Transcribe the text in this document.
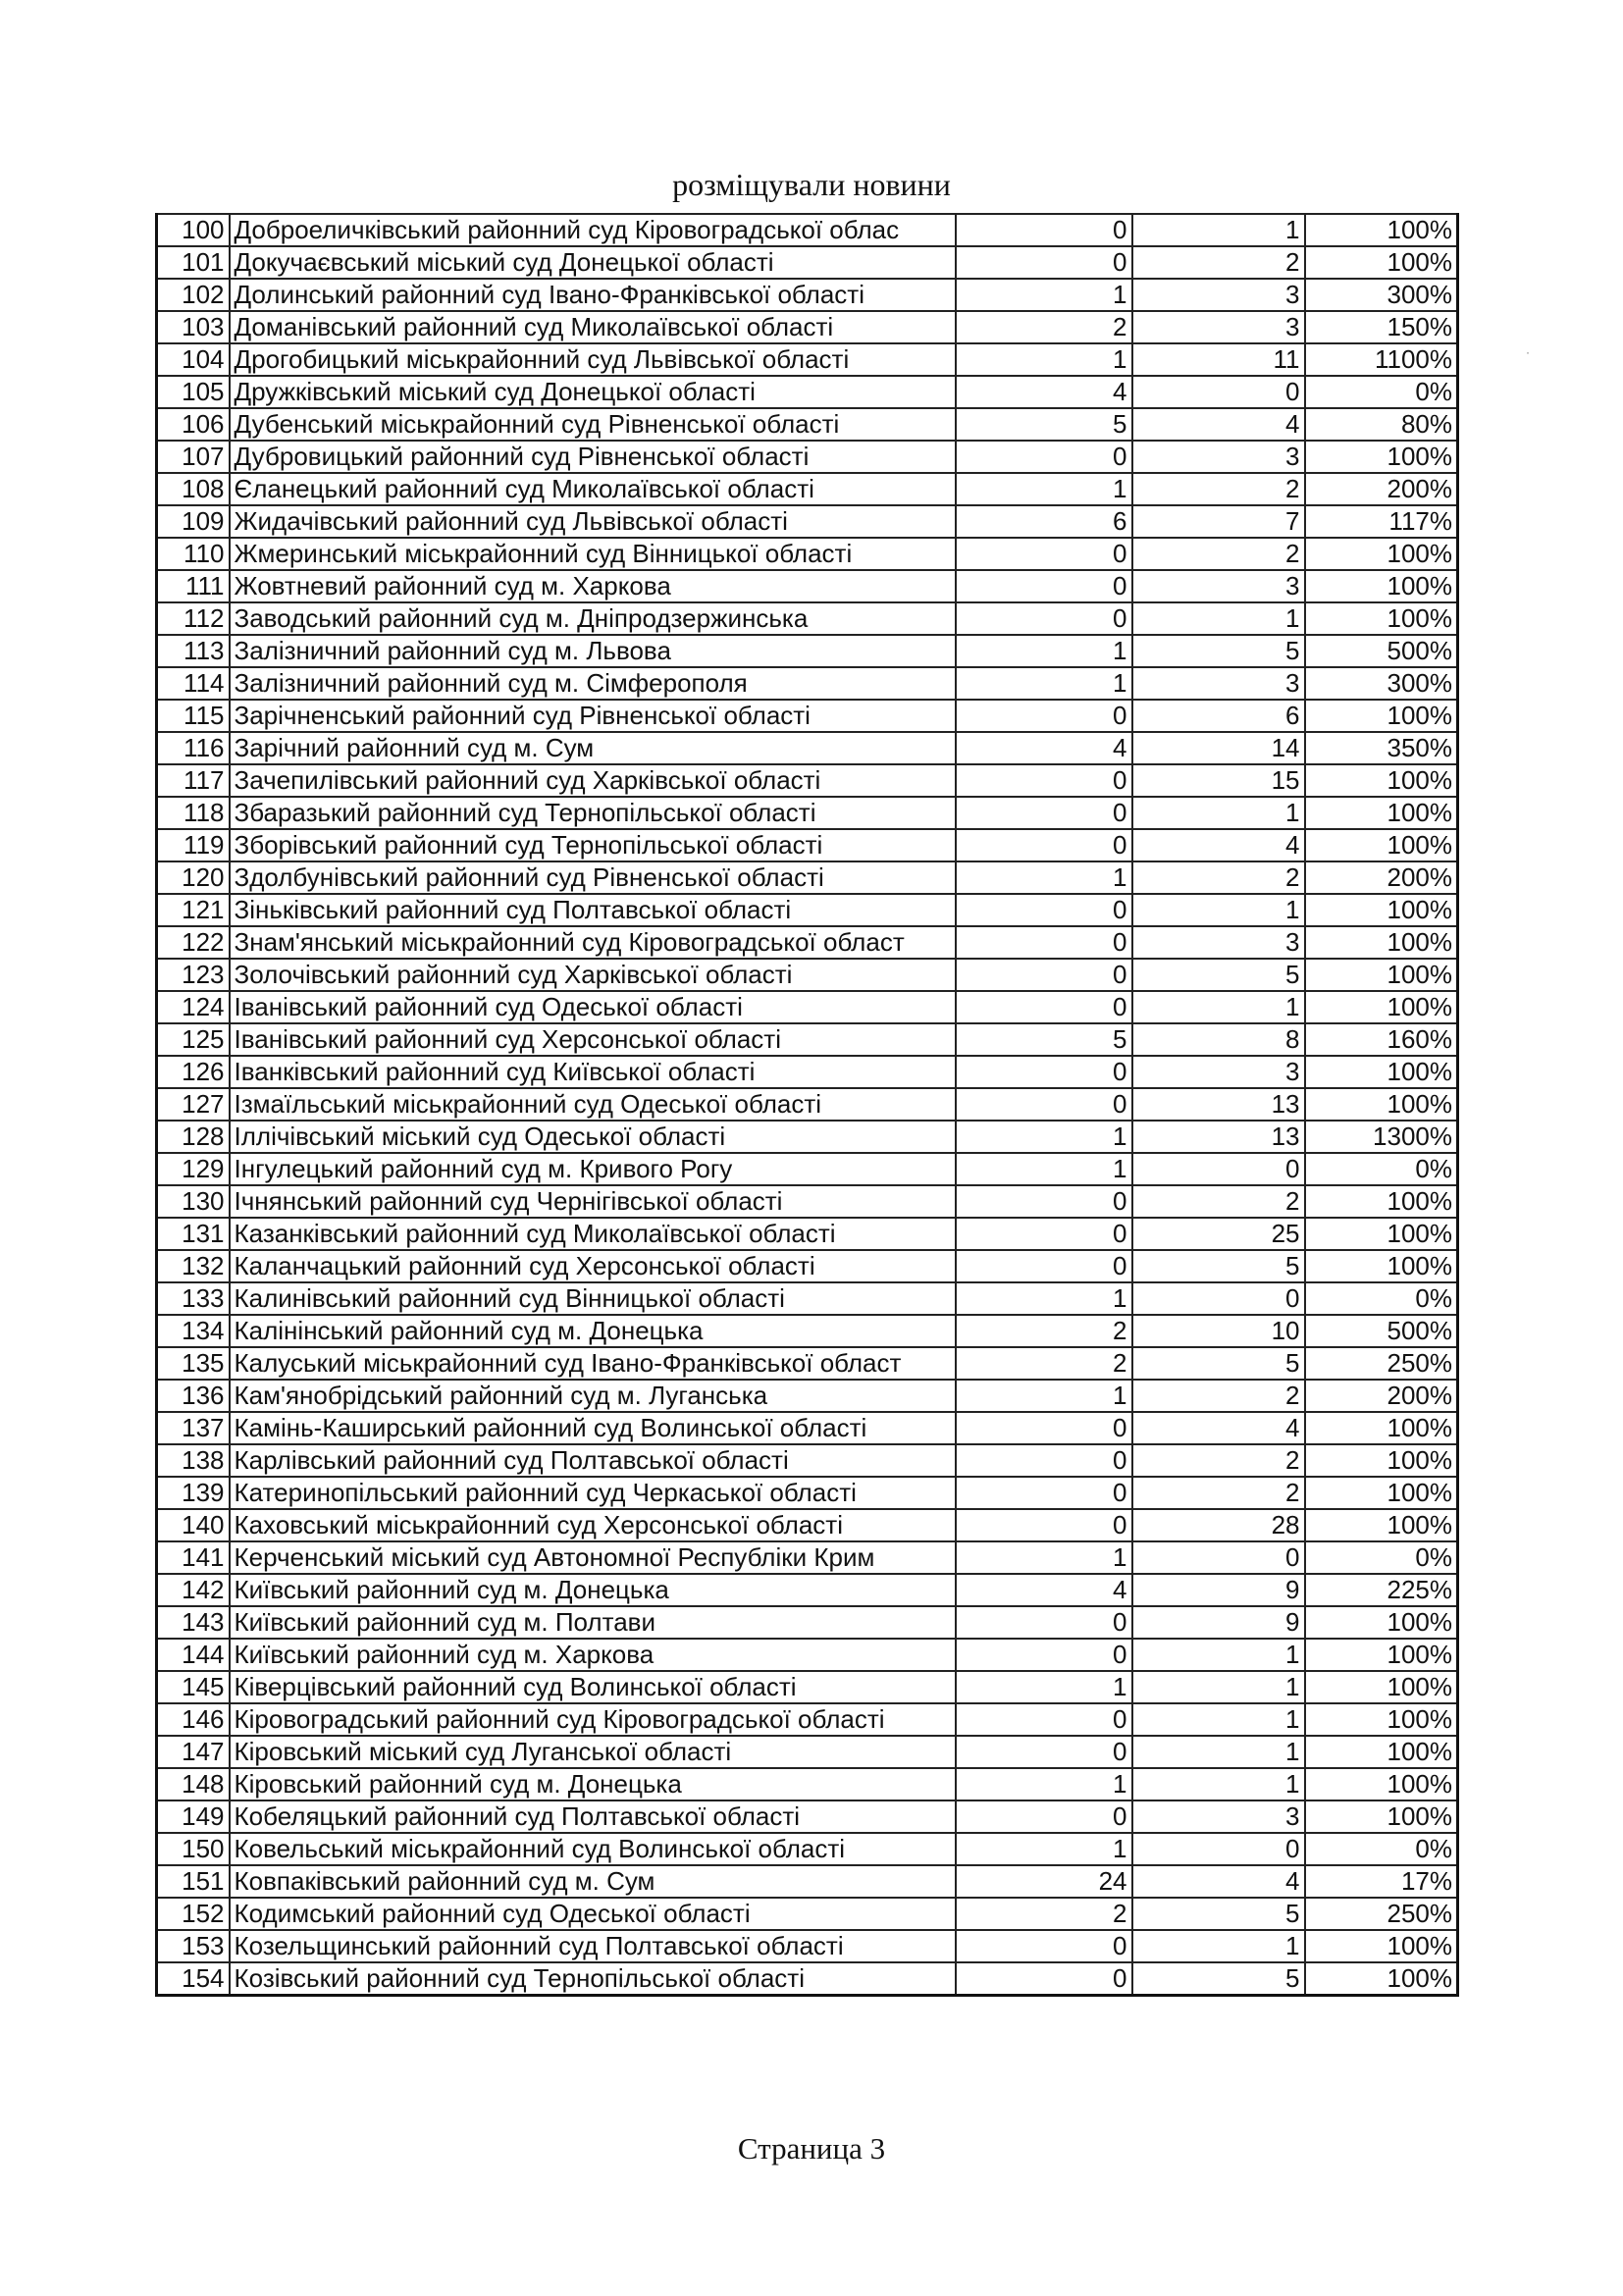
розміщували новини
100	Доброеличківський районний суд Кіровоградської облас	0	1	100%
101	Докучаєвський міський суд Донецької області	0	2	100%
102	Долинський районний суд Івано-Франківської області	1	3	300%
103	Доманівський районний суд Миколаївської області	2	3	150%
104	Дрогобицький міськрайонний суд Львівської області	1	11	1100%
105	Дружківський міський суд Донецької області	4	0	0%
106	Дубенський міськрайонний суд Рівненської області	5	4	80%
107	Дубровицький районний суд Рівненської області	0	3	100%
108	Єланецький районний суд Миколаївської області	1	2	200%
109	Жидачівський районний суд Львівської області	6	7	117%
110	Жмеринський міськрайонний суд Вінницької області	0	2	100%
111	Жовтневий районний суд м. Харкова	0	3	100%
112	Заводський районний суд м. Дніпродзержинська	0	1	100%
113	Залізничний районний суд м. Львова	1	5	500%
114	Залізничний районний суд м. Сімферополя	1	3	300%
115	Зарічненський районний суд Рівненської області	0	6	100%
116	Зарічний районний суд м. Сум	4	14	350%
117	Зачепилівський районний суд Харківської області	0	15	100%
118	Збаразький районний суд Тернопільської області	0	1	100%
119	Зборівський районний суд Тернопільської області	0	4	100%
120	Здолбунівський районний суд Рівненської області	1	2	200%
121	Зіньківський районний суд Полтавської області	0	1	100%
122	Знам'янський міськрайонний суд Кіровоградської област	0	3	100%
123	Золочівський районний суд Харківської області	0	5	100%
124	Іванівський районний суд Одеської області	0	1	100%
125	Іванівський районний суд Херсонської області	5	8	160%
126	Іванківський районний суд Київської області	0	3	100%
127	Ізмаїльський міськрайонний суд Одеської області	0	13	100%
128	Іллічівський міський суд Одеської області	1	13	1300%
129	Інгулецький районний суд м. Кривого Рогу	1	0	0%
130	Ічнянський районний суд Чернігівської області	0	2	100%
131	Казанківський районний суд Миколаївської області	0	25	100%
132	Каланчацький районний суд Херсонської області	0	5	100%
133	Калинівський районний суд Вінницької області	1	0	0%
134	Калінінський районний суд м. Донецька	2	10	500%
135	Калуський міськрайонний суд Івано-Франківської област	2	5	250%
136	Кам'янобрідський районний суд м. Луганська	1	2	200%
137	Камінь-Каширський районний суд Волинської області	0	4	100%
138	Карлівський районний суд Полтавської області	0	2	100%
139	Катеринопільський районний суд Черкаської області	0	2	100%
140	Каховський міськрайонний суд Херсонської області	0	28	100%
141	Керченський міський суд Автономної Республіки Крим	1	0	0%
142	Київський районний суд м. Донецька	4	9	225%
143	Київський районний суд м. Полтави	0	9	100%
144	Київський районний суд м. Харкова	0	1	100%
145	Ківерцівський районний суд Волинської області	1	1	100%
146	Кіровоградський районний суд Кіровоградської області	0	1	100%
147	Кіровський міський суд Луганської області	0	1	100%
148	Кіровський районний суд м. Донецька	1	1	100%
149	Кобеляцький районний суд Полтавської області	0	3	100%
150	Ковельський міськрайонний суд Волинської області	1	0	0%
151	Ковпаківський районний суд м. Сум	24	4	17%
152	Кодимський районний суд Одеської області	2	5	250%
153	Козельщинський районний суд Полтавської області	0	1	100%
154	Козівський районний суд Тернопільської області	0	5	100%
·
Страница 3
